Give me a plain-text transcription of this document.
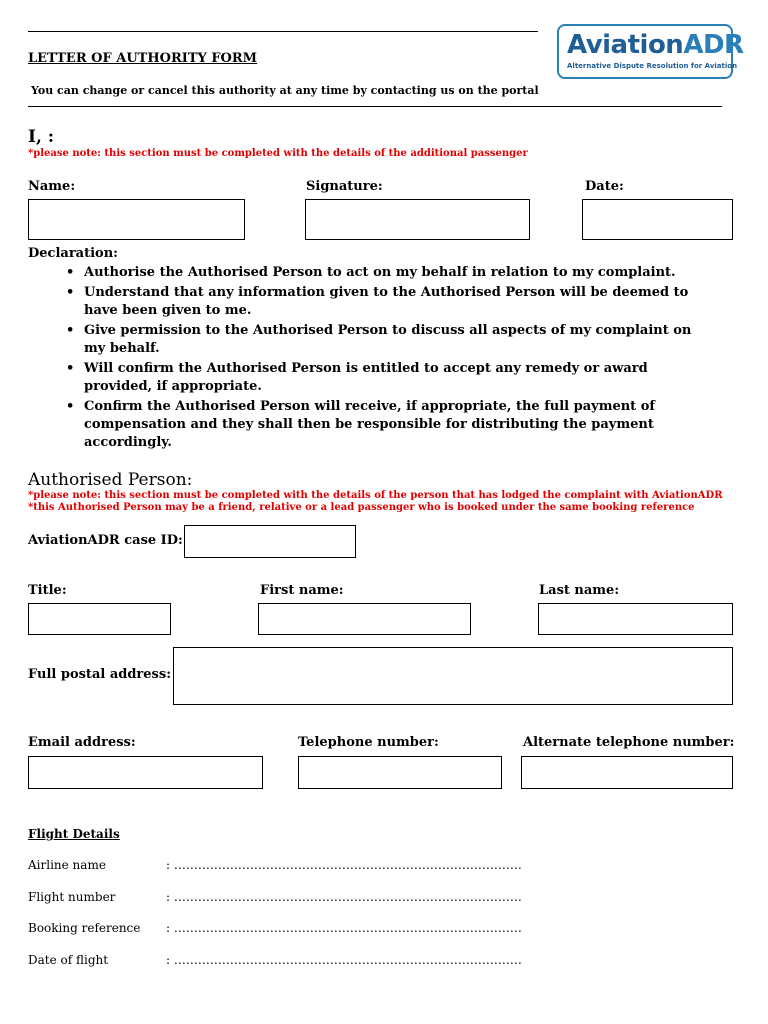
LETTER OF AUTHORITY FORM
You can change or cancel this authority at any time by contacting us on the portal
AviationADR
Alternative Dispute Resolution for Aviation
I, :
*please note: this section must be completed with the details of the additional passenger
Name:	Signature:	Date:
Declaration:
• Authorise the Authorised Person to act on my behalf in relation to my complaint.
• Understand that any information given to the Authorised Person will be deemed to have been given to me.
• Give permission to the Authorised Person to discuss all aspects of my complaint on my behalf.
• Will confirm the Authorised Person is entitled to accept any remedy or award provided, if appropriate.
• Confirm the Authorised Person will receive, if appropriate, the full payment of compensation and they shall then be responsible for distributing the payment accordingly.
Authorised Person:
*please note: this section must be completed with the details of the person that has lodged the complaint with AviationADR
*this Authorised Person may be a friend, relative or a lead passenger who is booked under the same booking reference
AviationADR case ID:
Title:	First name:	Last name:
Full postal address:
Email address:	Telephone number:	Alternate telephone number:
Flight Details
Airline name	: ……………………………………………………………………………
Flight number	: ……………………………………………………………………………
Booking reference : ……………………………………………………………………………
Date of flight	: ……………………………………………………………………………
